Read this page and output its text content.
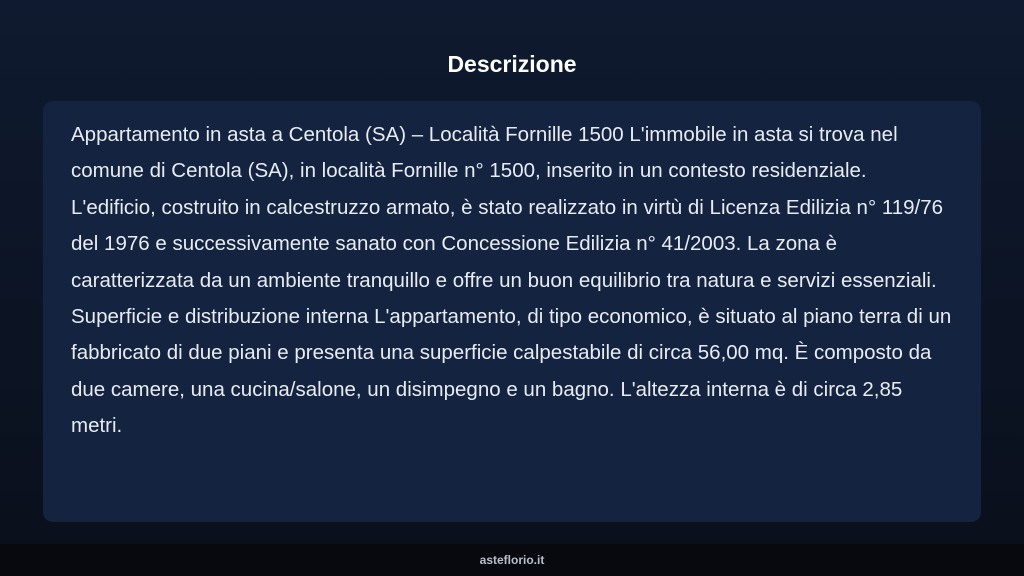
Descrizione

Appartamento in asta a Centola (SA) – Località Fornille 1500 L'immobile in asta si trova nel comune di Centola (SA), in località Fornille n° 1500, inserito in un contesto residenziale. L'edificio, costruito in calcestruzzo armato, è stato realizzato in virtù di Licenza Edilizia n° 119/76 del 1976 e successivamente sanato con Concessione Edilizia n° 41/2003. La zona è caratterizzata da un ambiente tranquillo e offre un buon equilibrio tra natura e servizi essenziali. Superficie e distribuzione interna L'appartamento, di tipo economico, è situato al piano terra di un fabbricato di due piani e presenta una superficie calpestabile di circa 56,00 mq. È composto da due camere, una cucina/salone, un disimpegno e un bagno. L'altezza interna è di circa 2,85 metri.

asteflorio.it
